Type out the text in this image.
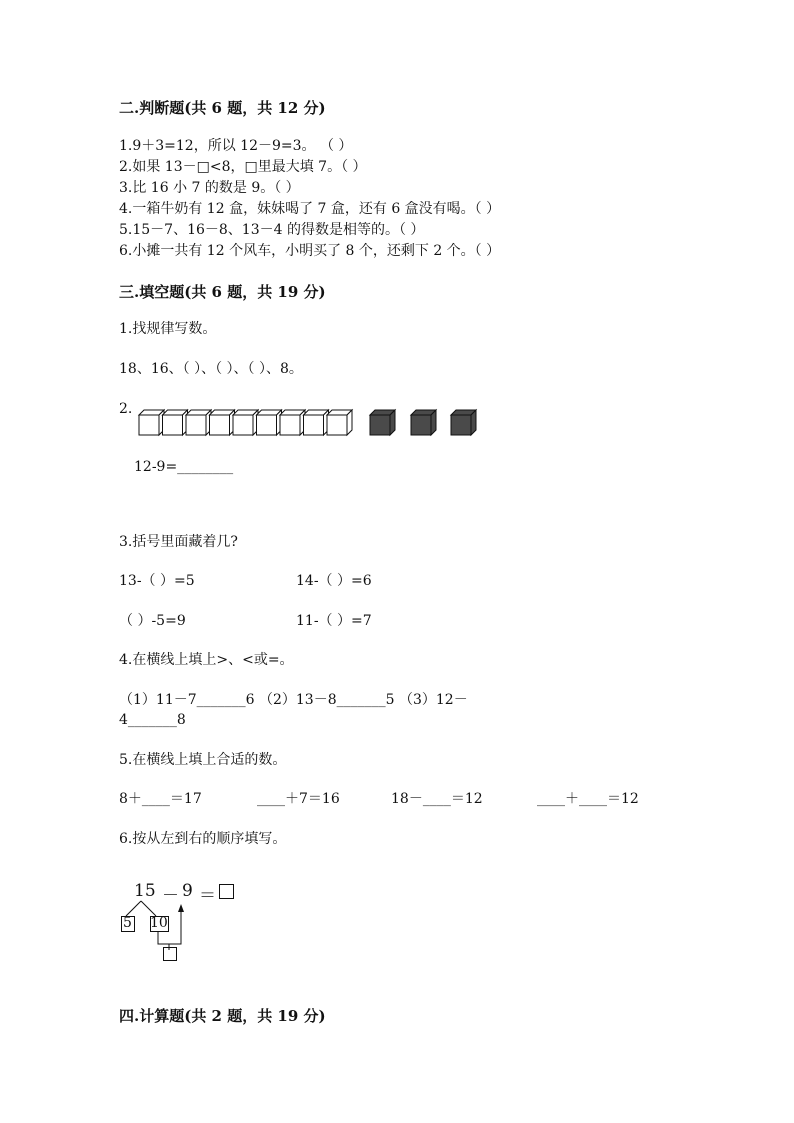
二.判断题(共 6 题，共 12 分)
1.9＋3=12，所以 12－9=3。 （ ）
2.如果 13－□<8，□里最大填 7。（ ）
3.比 16 小 7 的数是 9。（ ）
4.一箱牛奶有 12 盒，妹妹喝了 7 盒，还有 6 盒没有喝。（ ）
5.15－7、16－8、13－4 的得数是相等的。（ ）
6.小摊一共有 12 个风车，小明买了 8 个，还剩下 2 个。（ ）
三.填空题(共 6 题，共 19 分)
1.找规律写数。
18、16、（ ）、（ ）、（ ）、8。
2.
12-9=________
3.括号里面藏着几?
13-（ ）=5	14-（ ）=6
（ ）-5=9	11-（ ）=7
4.在横线上填上>、<或=。
（1）11－7_______6 （2）13－8_______5 （3）12－
4_______8
5.在横线上填上合适的数。
8＋____＝17	____＋7＝16	18－____＝12	____＋____＝12
6.按从左到右的顺序填写。
15 － 9 ＝
5 10
四.计算题(共 2 题，共 19 分)
